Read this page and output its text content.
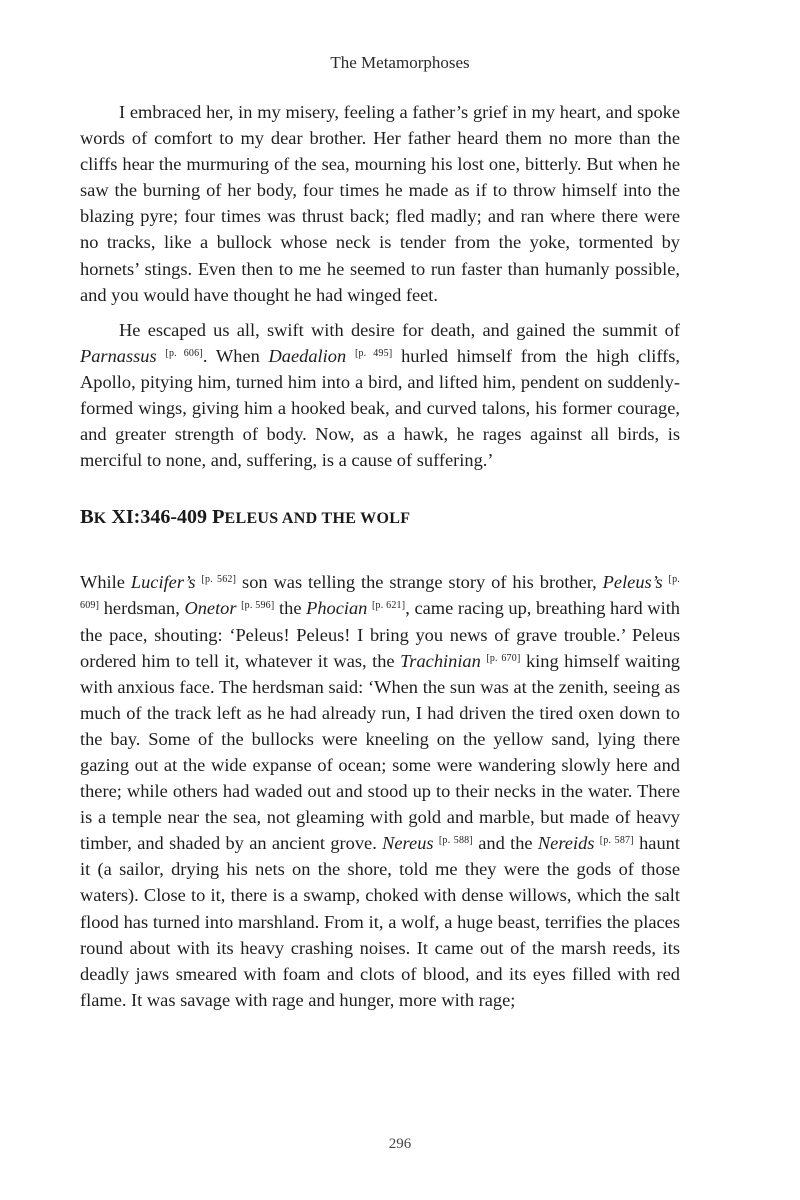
The Metamorphoses

I embraced her, in my misery, feeling a father’s grief in my heart, and spoke words of comfort to my dear brother. Her father heard them no more than the cliffs hear the murmuring of the sea, mourning his lost one, bitterly. But when he saw the burning of her body, four times he made as if to throw himself into the blazing pyre; four times was thrust back; fled madly; and ran where there were no tracks, like a bullock whose neck is tender from the yoke, tormented by hornets’ stings. Even then to me he seemed to run faster than humanly possible, and you would have thought he had winged feet.

He escaped us all, swift with desire for death, and gained the summit of Parnassus [p. 606]. When Daedalion [p. 495] hurled himself from the high cliffs, Apollo, pitying him, turned him into a bird, and lifted him, pendent on suddenly-formed wings, giving him a hooked beak, and curved talons, his former courage, and greater strength of body. Now, as a hawk, he rages against all birds, is merciful to none, and, suffering, is a cause of suffering.’

BK XI:346-409 PELEUS AND THE WOLF

While Lucifer’s [p. 562] son was telling the strange story of his brother, Peleus’s [p. 609] herdsman, Onetor [p. 596] the Phocian [p. 621], came racing up, breathing hard with the pace, shouting: ‘Peleus! Peleus! I bring you news of grave trouble.’ Peleus ordered him to tell it, whatever it was, the Trachinian [p. 670] king himself waiting with anxious face. The herdsman said: ‘When the sun was at the zenith, seeing as much of the track left as he had already run, I had driven the tired oxen down to the bay. Some of the bullocks were kneeling on the yellow sand, lying there gazing out at the wide expanse of ocean; some were wandering slowly here and there; while others had waded out and stood up to their necks in the water. There is a temple near the sea, not gleaming with gold and marble, but made of heavy timber, and shaded by an ancient grove. Nereus [p. 588] and the Nereids [p. 587] haunt it (a sailor, drying his nets on the shore, told me they were the gods of those waters). Close to it, there is a swamp, choked with dense willows, which the salt flood has turned into marshland. From it, a wolf, a huge beast, terrifies the places round about with its heavy crashing noises. It came out of the marsh reeds, its deadly jaws smeared with foam and clots of blood, and its eyes filled with red flame. It was savage with rage and hunger, more with rage;

296
